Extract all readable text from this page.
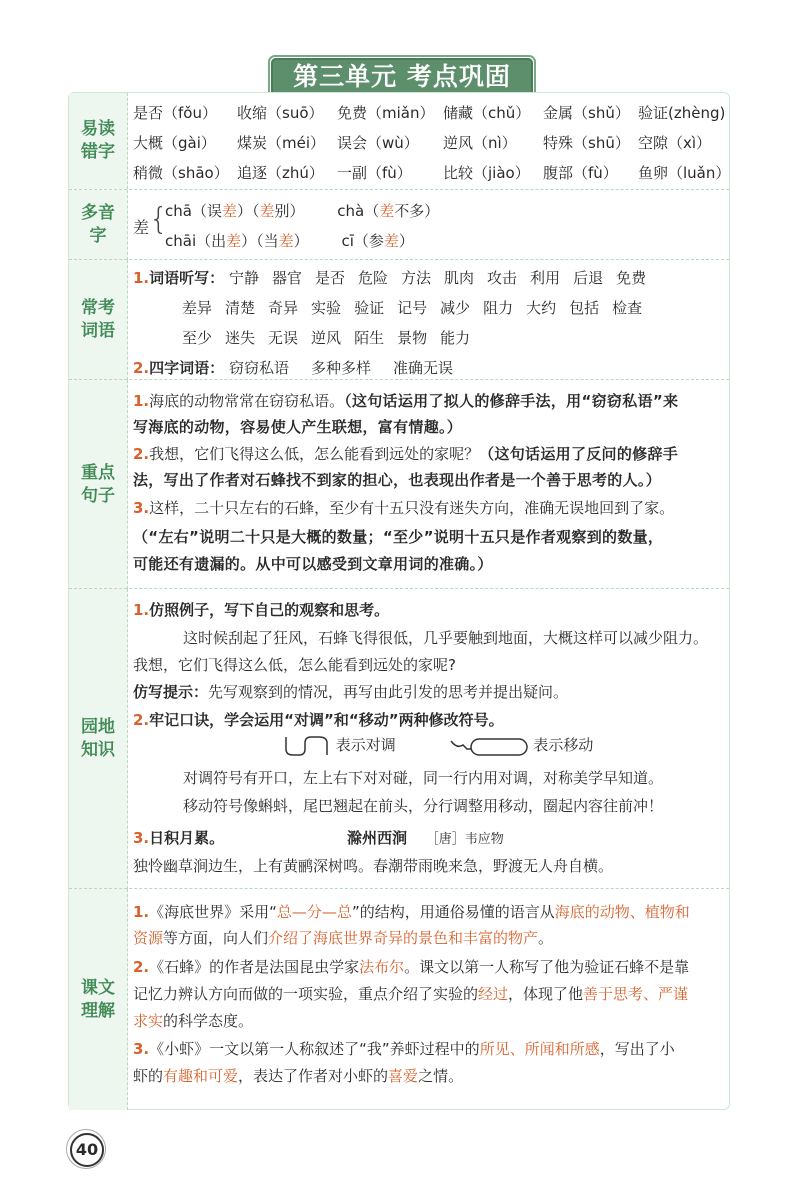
第三单元 考点巩固
易读
错字
是否（fǒu） 收缩（suō） 免费（miǎn） 储藏（chǔ） 金属（shǔ） 验证(zhèng)
大概（gài） 煤炭（méi） 误会（wù） 逆风（nì） 特殊（shū） 空隙（xì）
稍微（shāo） 追逐（zhú） 一副（fù） 比较（jiào） 腹部（fù） 鱼卵（luǎn）
多音
字	差 {
chā（误差）（差别） chà（差不多）
chāi（出差）（当差） cī（参差）
常考
词语
1.词语听写： 宁静 器官 是否 危险 方法 肌肉 攻击 利用 后退 免费
差异 清楚 奇异 实验 验证 记号 减少 阻力 大约 包括 检查
至少 迷失 无误 逆风 陌生 景物 能力
2.四字词语： 窃窃私语 多种多样 准确无误
重点
句子
1.海底的动物常常在窃窃私语。（这句话运用了拟人的修辞手法，用“窃窃私语”来
写海底的动物，容易使人产生联想，富有情趣。）
2.我想，它们飞得这么低，怎么能看到远处的家呢？（这句话运用了反问的修辞手
法，写出了作者对石蜂找不到家的担心，也表现出作者是一个善于思考的人。）
3.这样，二十只左右的石蜂，至少有十五只没有迷失方向，准确无误地回到了家。
（“左右”说明二十只是大概的数量；“至少”说明十五只是作者观察到的数量，
可能还有遗漏的。从中可以感受到文章用词的准确。）
园地
知识
1.仿照例子，写下自己的观察和思考。
这时候刮起了狂风，石蜂飞得很低，几乎要触到地面，大概这样可以减少阻力。
我想，它们飞得这么低，怎么能看到远处的家呢?
仿写提示：先写观察到的情况，再写由此引发的思考并提出疑问。
2.牢记口诀，学会运用“对调”和“移动”两种修改符号。
表示对调	表示移动
对调符号有开口，左上右下对对碰，同一行内用对调，对称美学早知道。
移动符号像蝌蚪，尾巴翘起在前头，分行调整用移动，圈起内容往前冲！
3.日积月累。	滁州西涧 ［唐］韦应物
独怜幽草涧边生，上有黄鹂深树鸣。春潮带雨晚来急，野渡无人舟自横。
课文
理解
1.《海底世界》采用“总—分—总”的结构，用通俗易懂的语言从海底的动物、植物和
资源等方面，向人们介绍了海底世界奇异的景色和丰富的物产。
2.《石蜂》的作者是法国昆虫学家法布尔。课文以第一人称写了他为验证石蜂不是靠
记忆力辨认方向而做的一项实验，重点介绍了实验的经过，体现了他善于思考、严谨
求实的科学态度。
3.《小虾》一文以第一人称叙述了“我”养虾过程中的所见、所闻和所感，写出了小
虾的有趣和可爱，表达了作者对小虾的喜爱之情。
40
